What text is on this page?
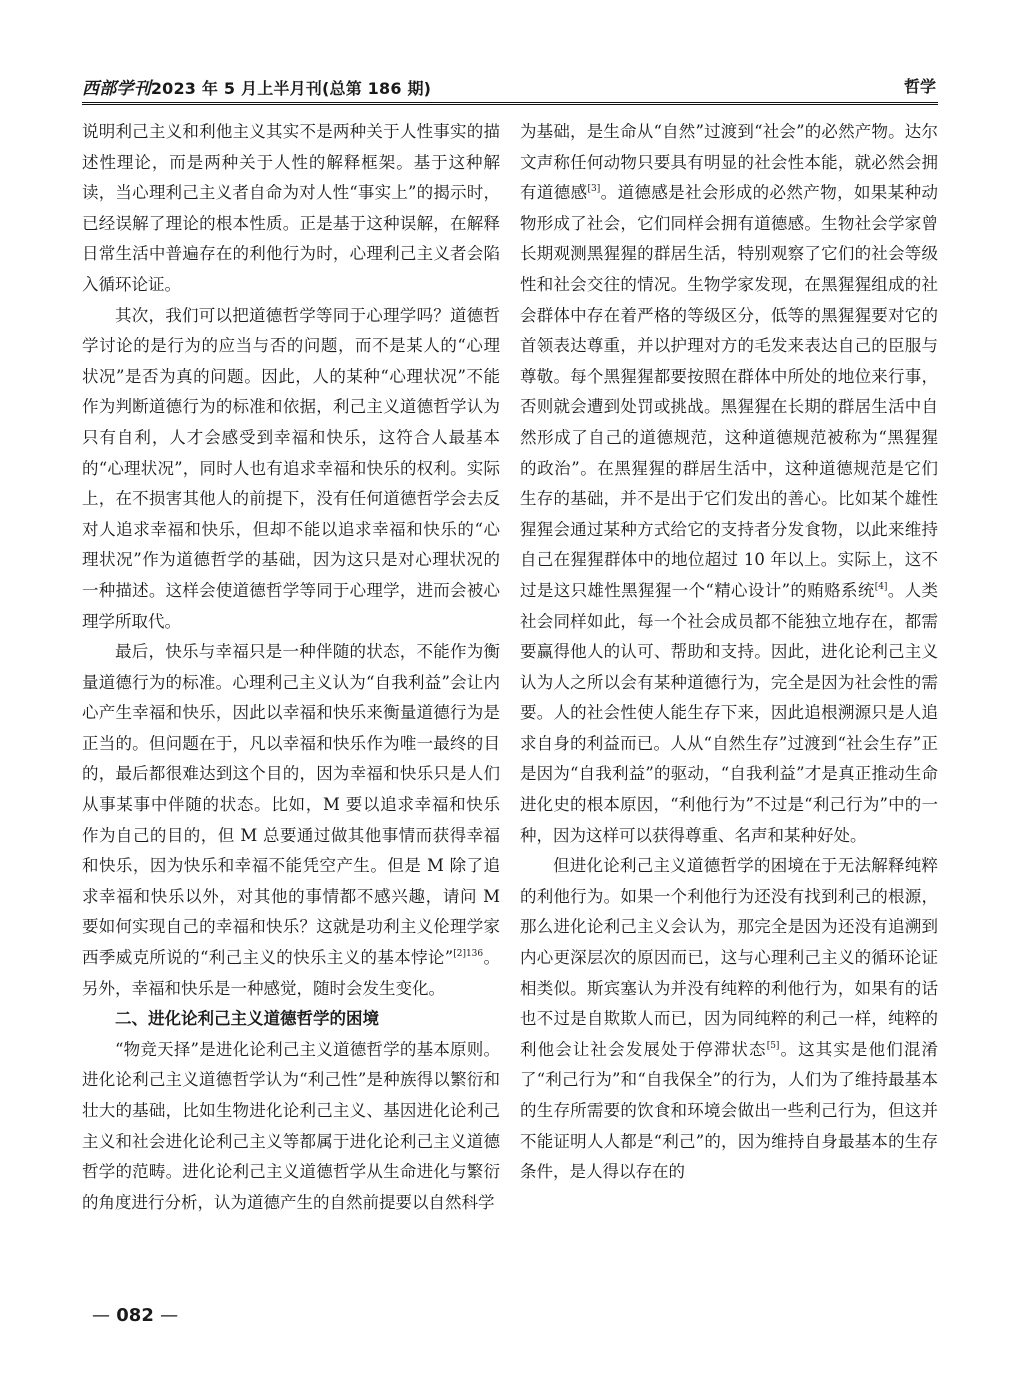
西部学刊2023 年 5 月上半月刊(总第 186 期)	哲学

说明利己主义和利他主义其实不是两种关于人性事实的描述性理论，而是两种关于人性的解释框架。基于这种解读，当心理利己主义者自命为对人性“事实上”的揭示时，已经误解了理论的根本性质。正是基于这种误解，在解释日常生活中普遍存在的利他行为时，心理利己主义者会陷入循环论证。

其次，我们可以把道德哲学等同于心理学吗？道德哲学讨论的是行为的应当与否的问题，而不是某人的“心理状况”是否为真的问题。因此，人的某种“心理状况”不能作为判断道德行为的标准和依据，利己主义道德哲学认为只有自利，人才会感受到幸福和快乐，这符合人最基本的“心理状况”，同时人也有追求幸福和快乐的权利。实际上，在不损害其他人的前提下，没有任何道德哲学会去反对人追求幸福和快乐，但却不能以追求幸福和快乐的“心理状况”作为道德哲学的基础，因为这只是对心理状况的一种描述。这样会使道德哲学等同于心理学，进而会被心理学所取代。

最后，快乐与幸福只是一种伴随的状态，不能作为衡量道德行为的标准。心理利己主义认为“自我利益”会让内心产生幸福和快乐，因此以幸福和快乐来衡量道德行为是正当的。但问题在于，凡以幸福和快乐作为唯一最终的目的，最后都很难达到这个目的，因为幸福和快乐只是人们从事某事中伴随的状态。比如，M 要以追求幸福和快乐作为自己的目的，但 M 总要通过做其他事情而获得幸福和快乐，因为快乐和幸福不能凭空产生。但是 M 除了追求幸福和快乐以外，对其他的事情都不感兴趣，请问 M 要如何实现自己的幸福和快乐？这就是功利主义伦理学家西季威克所说的“利己主义的快乐主义的基本悖论”$^{[2]136}$。另外，幸福和快乐是一种感觉，随时会发生变化。

二、进化论利己主义道德哲学的困境

“物竞天择”是进化论利己主义道德哲学的基本原则。进化论利己主义道德哲学认为“利己性”是种族得以繁衍和壮大的基础，比如生物进化论利己主义、基因进化论利己主义和社会进化论利己主义等都属于进化论利己主义道德哲学的范畴。进化论利己主义道德哲学从生命进化与繁衍的角度进行分析，认为道德产生的自然前提要以自然科学

为基础，是生命从“自然”过渡到“社会”的必然产物。达尔文声称任何动物只要具有明显的社会性本能，就必然会拥有道德感[3]。道德感是社会形成的必然产物，如果某种动物形成了社会，它们同样会拥有道德感。生物社会学家曾长期观测黑猩猩的群居生活，特别观察了它们的社会等级性和社会交往的情况。生物学家发现，在黑猩猩组成的社会群体中存在着严格的等级区分，低等的黑猩猩要对它的首领表达尊重，并以护理对方的毛发来表达自己的臣服与尊敬。每个黑猩猩都要按照在群体中所处的地位来行事，否则就会遭到处罚或挑战。黑猩猩在长期的群居生活中自然形成了自己的道德规范，这种道德规范被称为“黑猩猩的政治”。在黑猩猩的群居生活中，这种道德规范是它们生存的基础，并不是出于它们发出的善心。比如某个雄性猩猩会通过某种方式给它的支持者分发食物，以此来维持自己在猩猩群体中的地位超过 10 年以上。实际上，这不过是这只雄性黑猩猩一个“精心设计”的贿赂系统[4]。人类社会同样如此，每一个社会成员都不能独立地存在，都需要赢得他人的认可、帮助和支持。因此，进化论利己主义认为人之所以会有某种道德行为，完全是因为社会性的需要。人的社会性使人能生存下来，因此追根溯源只是人追求自身的利益而已。人从“自然生存”过渡到“社会生存”正是因为“自我利益”的驱动，“自我利益”才是真正推动生命进化史的根本原因，“利他行为”不过是“利己行为”中的一种，因为这样可以获得尊重、名声和某种好处。

但进化论利己主义道德哲学的困境在于无法解释纯粹的利他行为。如果一个利他行为还没有找到利己的根源，那么进化论利己主义会认为，那完全是因为还没有追溯到内心更深层次的原因而已，这与心理利己主义的循环论证相类似。斯宾塞认为并没有纯粹的利他行为，如果有的话也不过是自欺欺人而已，因为同纯粹的利己一样，纯粹的利他会让社会发展处于停滞状态[5]。这其实是他们混淆了“利己行为”和“自我保全”的行为，人们为了维持最基本的生存所需要的饮食和环境会做出一些利己行为，但这并不能证明人人都是“利己”的，因为维持自身最基本的生存条件，是人得以存在的

— 082 —
